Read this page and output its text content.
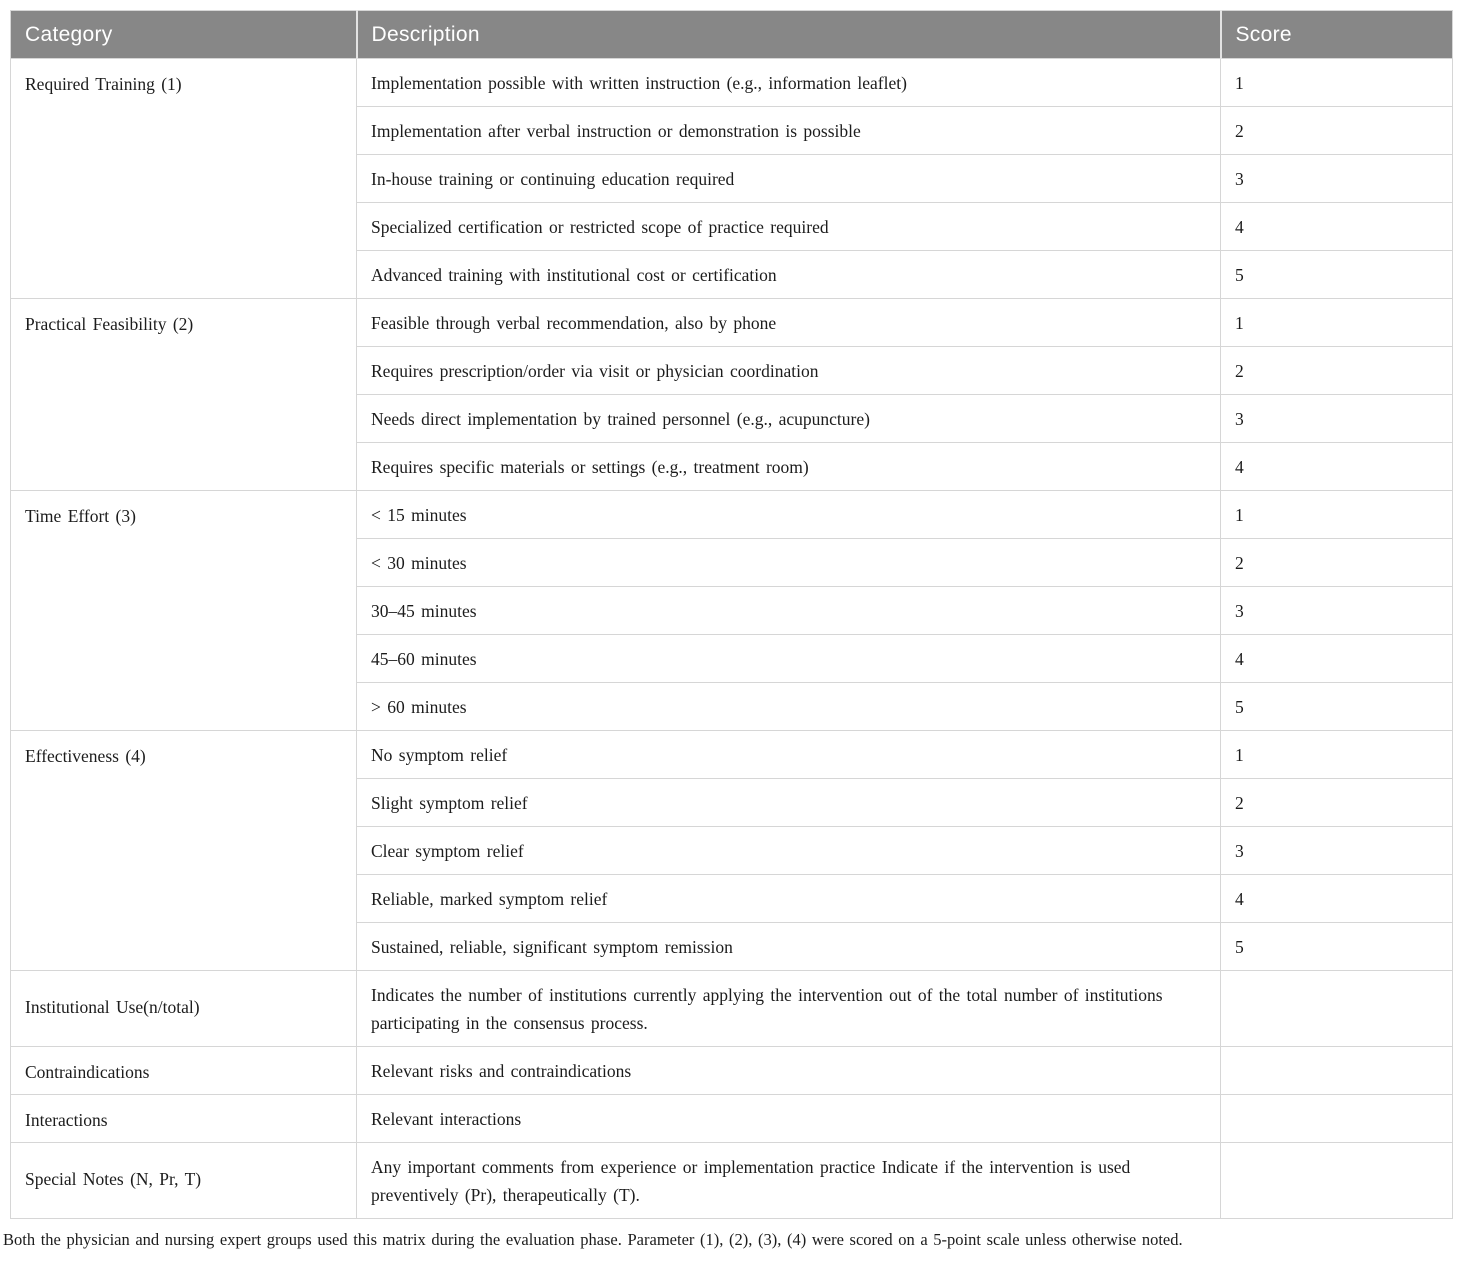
Category	Description	Score
Required Training (1)	Implementation possible with written instruction (e.g., information leaflet)	1
	Implementation after verbal instruction or demonstration is possible	2
	In-house training or continuing education required	3
	Specialized certification or restricted scope of practice required	4
	Advanced training with institutional cost or certification	5
Practical Feasibility (2)	Feasible through verbal recommendation, also by phone	1
	Requires prescription/order via visit or physician coordination	2
	Needs direct implementation by trained personnel (e.g., acupuncture)	3
	Requires specific materials or settings (e.g., treatment room)	4
Time Effort (3)	< 15 minutes	1
	< 30 minutes	2
	30–45 minutes	3
	45–60 minutes	4
	> 60 minutes	5
Effectiveness (4)	No symptom relief	1
	Slight symptom relief	2
	Clear symptom relief	3
	Reliable, marked symptom relief	4
	Sustained, reliable, significant symptom remission	5
Institutional Use(n/total)	Indicates the number of institutions currently applying the intervention out of the total number of institutions participating in the consensus process.	
Contraindications	Relevant risks and contraindications	
Interactions	Relevant interactions	
Special Notes (N, Pr, T)	Any important comments from experience or implementation practice Indicate if the intervention is used preventively (Pr), therapeutically (T).	
Both the physician and nursing expert groups used this matrix during the evaluation phase. Parameter (1), (2), (3), (4) were scored on a 5-point scale unless otherwise noted.
